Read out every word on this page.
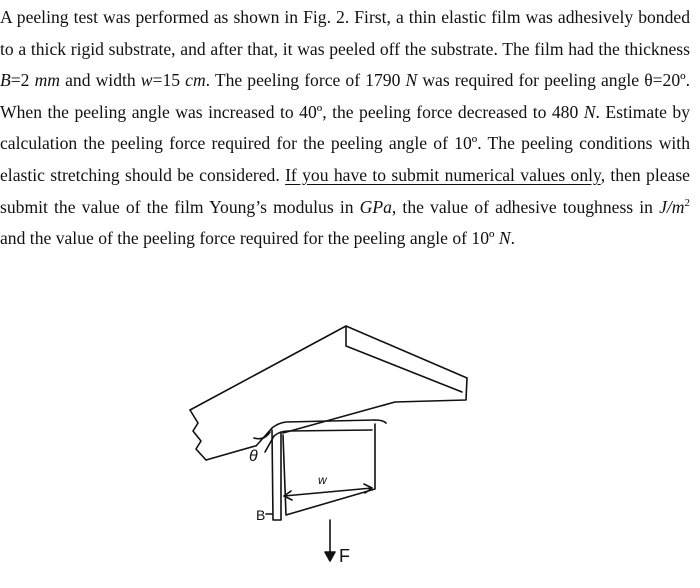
A peeling test was performed as shown in Fig. 2. First, a thin elastic film was adhesively bonded to a thick rigid substrate, and after that, it was peeled off the substrate. The film had the thickness B=2 mm and width w=15 cm. The peeling force of 1790 N was required for peeling angle θ=20º. When the peeling angle was increased to 40º, the peeling force decreased to 480 N. Estimate by calculation the peeling force required for the peeling angle of 10º. The peeling conditions with elastic stretching should be considered. If you have to submit numerical values only, then please submit the value of the film Young’s modulus in GPa, the value of adhesive toughness in $J/m^2$ and the value of the peeling force required for the peeling angle of 10º N.
θ
B
w
F
